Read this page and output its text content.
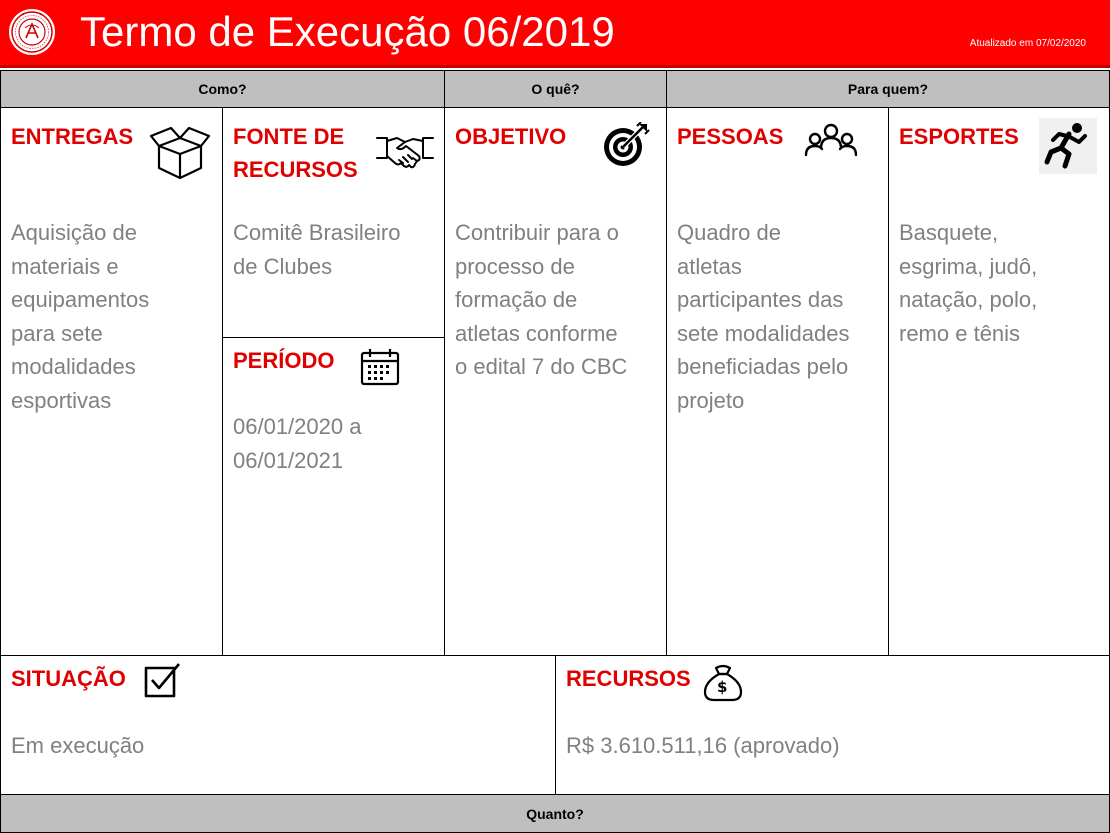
Termo de Execução 06/2019	Atualizado em 07/02/2020
Como?	O quê?	Para quem?
ENTREGAS
Aquisição de
materiais e
equipamentos
para sete
modalidades
esportivas
FONTE DE
RECURSOS
Comitê Brasileiro
de Clubes
PERÍODO
06/01/2020 a
06/01/2021
OBJETIVO
Contribuir para o
processo de
formação de
atletas conforme
o edital 7 do CBC
PESSOAS
Quadro de
atletas
participantes das
sete modalidades
beneficiadas pelo
projeto
ESPORTES
Basquete,
esgrima, judô,
natação, polo,
remo e tênis
SITUAÇÃO
Em execução
RECURSOS $
R$ 3.610.511,16 (aprovado)
Quanto?
